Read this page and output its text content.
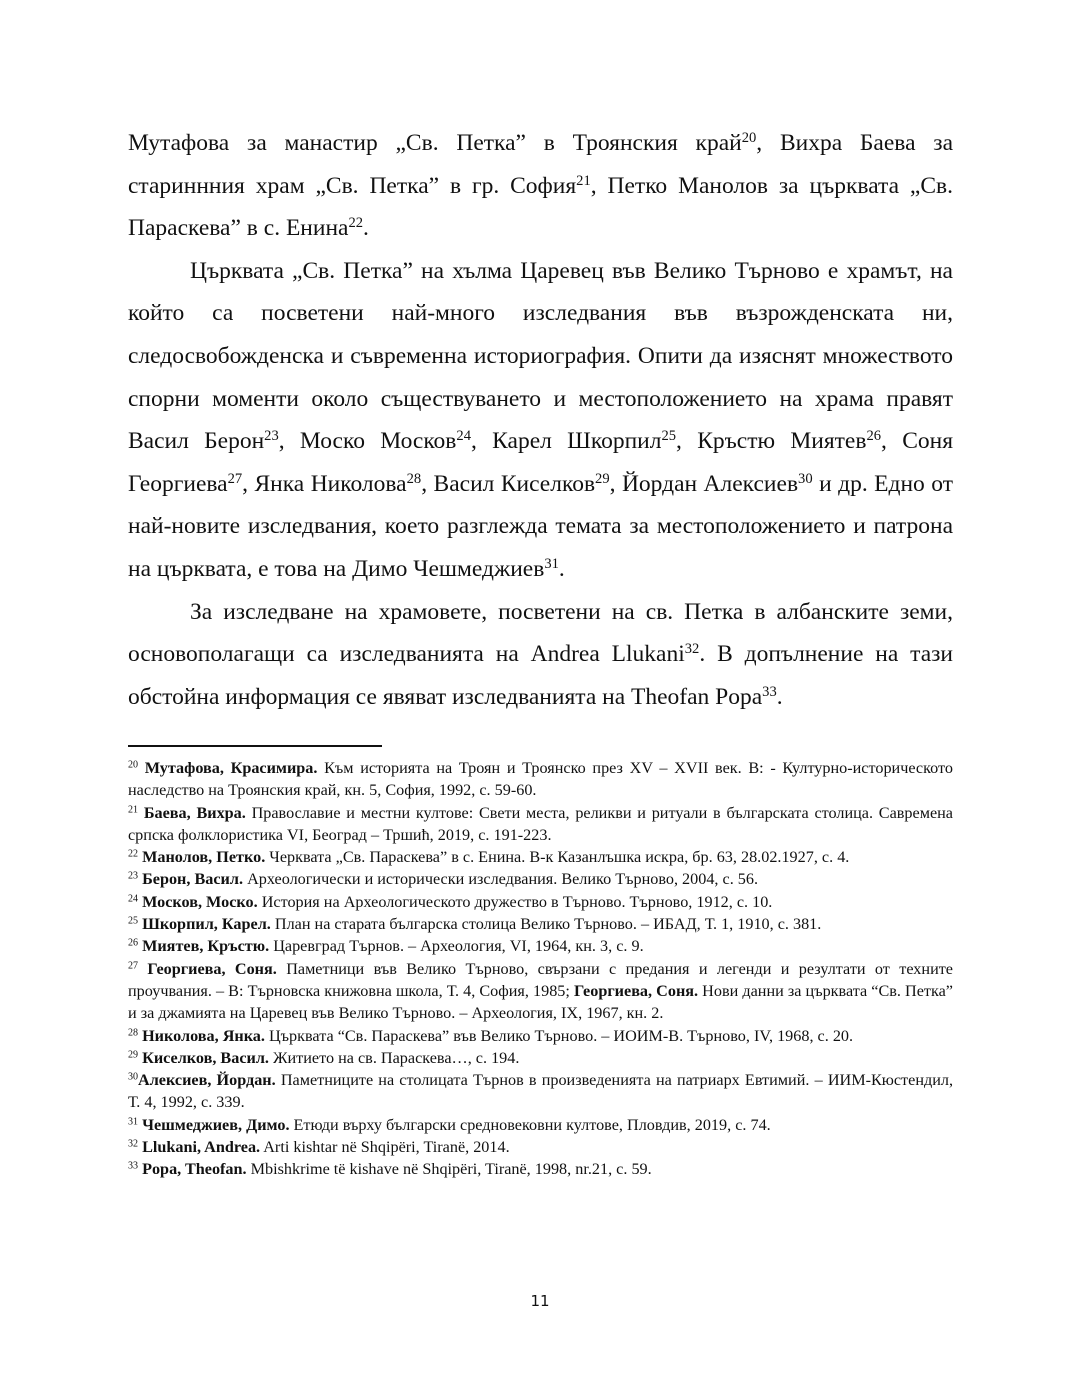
Мутафова за манастир „Св. Петка” в Троянския край$^{20}$, Вихра Баева за стариннния храм „Св. Петка” в гр. София$^{21}$, Петко Манолов за църквата „Св. Параскева” в с. Енина$^{22}$.

Църквата „Св. Петка” на хълма Царевец във Велико Търново е храмът, на който са посветени най-много изследвания във възрожденската ни, следосвобожденска и съвременна историография. Опити да изяснят множеството спорни моменти около съществуването и местоположението на храма правят Васил Берон$^{23}$, Моско Москов$^{24}$, Карел Шкорпил$^{25}$, Кръстю Миятев$^{26}$, Соня Георгиева$^{27}$, Янка Николова$^{28}$, Васил Киселков$^{29}$, Йордан Алексиев$^{30}$ и др. Едно от най-новите изследвания, което разглежда темата за местоположението и патрона на църквата, е това на Димо Чешмеджиев$^{31}$.

За изследване на храмовете, посветени на св. Петка в албанските земи, основополагащи са изследванията на Andrea Llukani$^{32}$. В допълнение на тази обстойна информация се явяват изследванията на Theofan Popa$^{33}$.

$^{20}$ Мутафова, Красимира. Към историята на Троян и Троянско през XV – XVII век. В: - Културно-историческото наследство на Троянския край, кн. 5, София, 1992, с. 59-60.
$^{21}$ Баева, Вихра. Православие и местни култове: Свети места, реликви и ритуали в българската столица. Савремена српска фолклористика VI, Београд – Тршић, 2019, с. 191-223.
$^{22}$ Манолов, Петко. Черквата „Св. Параскева” в с. Енина. В-к Казанлъшка искра, бр. 63, 28.02.1927, с. 4.
$^{23}$ Берон, Васил. Археологически и исторически изследвания. Велико Търново, 2004, с. 56.
$^{24}$ Москов, Моско. История на Археологическото дружество в Търново. Търново, 1912, с. 10.
$^{25}$ Шкорпил, Карел. План на старата българска столица Велико Търново. – ИБАД, Т. 1, 1910, с. 381.
$^{26}$ Миятев, Кръстю. Царевград Търнов. – Археология, VI, 1964, кн. 3, с. 9.
$^{27}$ Георгиева, Соня. Паметници във Велико Търново, свързани с предания и легенди и резултати от техните проучвания. – В: Търновска книжовна школа, Т. 4, София, 1985; Георгиева, Соня. Нови данни за църквата “Св. Петка” и за джамията на Царевец във Велико Търново. – Археология, IX, 1967, кн. 2.
$^{28}$ Николова, Янка. Църквата “Св. Параскева” във Велико Търново. – ИОИМ-В. Търново, IV, 1968, с. 20.
$^{29}$ Киселков, Васил. Житието на св. Параскева…, с. 194.
$^{30}$Алексиев, Йордан. Паметниците на столицата Търнов в произведенията на патриарх Евтимий. – ИИМ-Кюстендил, Т. 4, 1992, с. 339.
$^{31}$ Чешмеджиев, Димо. Етюди върху български средновековни култове, Пловдив, 2019, с. 74.
$^{32}$ Llukani, Andrea. Arti kishtar në Shqipëri, Tiranë, 2014.
$^{33}$ Popa, Theofan. Mbishkrime të kishave në Shqipëri, Tiranë, 1998, nr.21, с. 59.
11
